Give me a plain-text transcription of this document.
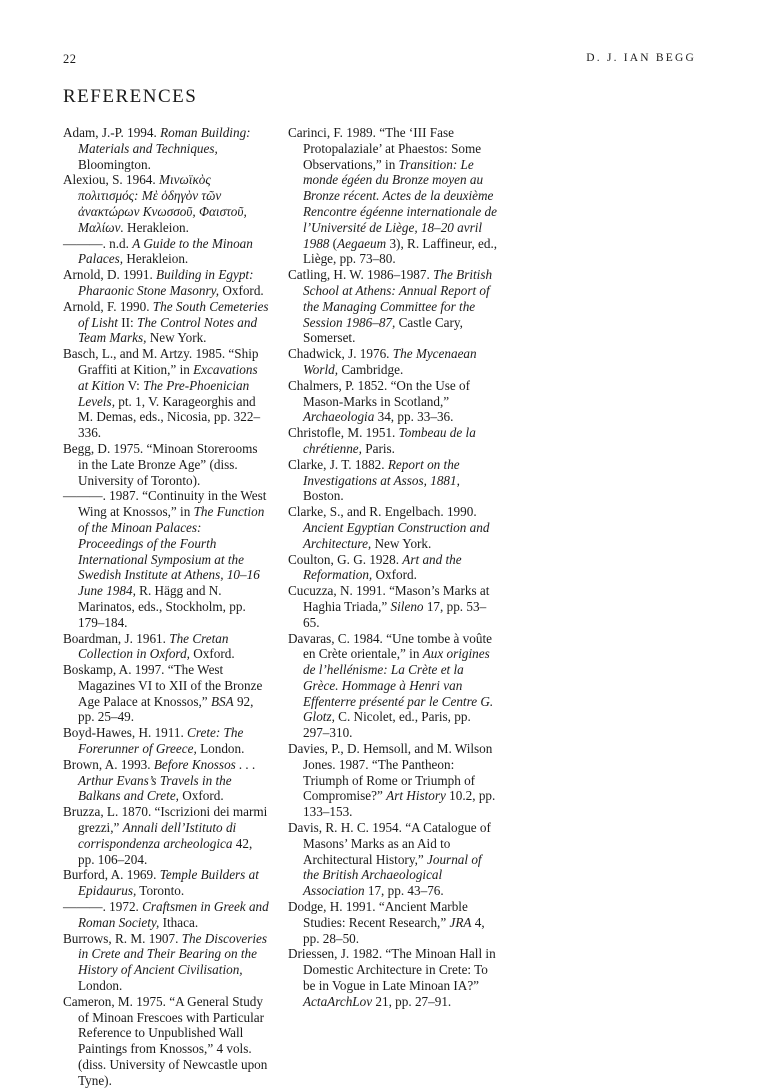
22	D. J. IAN BEGG
REFERENCES

Adam, J.-P. 1994. Roman Building: Materials and Techniques, Bloomington.

Alexiou, S. 1964. Μινωϊκὸς πολιτισμός: Μὲ ὁδηγὸν τῶν ἀνακτώρων Κνωσσοῦ, Φαιστοῦ, Μαλίων. Herakleion.

———. n.d. A Guide to the Minoan Palaces, Herakleion.

Arnold, D. 1991. Building in Egypt: Pharaonic Stone Masonry, Oxford.

Arnold, F. 1990. The South Cemeteries of Lisht II: The Control Notes and Team Marks, New York.

Basch, L., and M. Artzy. 1985. “Ship Graffiti at Kition,” in Excavations at Kition V: The Pre-Phoenician Levels, pt. 1, V. Karageorghis and M. Demas, eds., Nicosia, pp. 322–336.

Begg, D. 1975. “Minoan Storerooms in the Late Bronze Age” (diss. University of Toronto).

———. 1987. “Continuity in the West Wing at Knossos,” in The Function of the Minoan Palaces: Proceedings of the Fourth International Symposium at the Swedish Institute at Athens, 10–16 June 1984, R. Hägg and N. Marinatos, eds., Stockholm, pp. 179–184.

Boardman, J. 1961. The Cretan Collection in Oxford, Oxford.

Boskamp, A. 1997. “The West Magazines VI to XII of the Bronze Age Palace at Knossos,” BSA 92, pp. 25–49.

Boyd-Hawes, H. 1911. Crete: The Forerunner of Greece, London.

Brown, A. 1993. Before Knossos . . . Arthur Evans’s Travels in the Balkans and Crete, Oxford.

Bruzza, L. 1870. “Iscrizioni dei marmi grezzi,” Annali dell’Istituto di corrispondenza archeologica 42, pp. 106–204.

Burford, A. 1969. Temple Builders at Epidaurus, Toronto.

———. 1972. Craftsmen in Greek and Roman Society, Ithaca.

Burrows, R. M. 1907. The Discoveries in Crete and Their Bearing on the History of Ancient Civilisation, London.

Cameron, M. 1975. “A General Study of Minoan Frescoes with Particular Reference to Unpublished Wall Paintings from Knossos,” 4 vols. (diss. University of Newcastle upon Tyne).

Carinci, F. 1989. “The ‘III Fase Protopalaziale’ at Phaestos: Some Observations,” in Transition: Le monde égéen du Bronze moyen au Bronze récent. Actes de la deuxième Rencontre égéenne internationale de l’Université de Liège, 18–20 avril 1988 (Aegaeum 3), R. Laffineur, ed., Liège, pp. 73–80.

Catling, H. W. 1986–1987. The British School at Athens: Annual Report of the Managing Committee for the Session 1986–87, Castle Cary, Somerset.

Chadwick, J. 1976. The Mycenaean World, Cambridge.

Chalmers, P. 1852. “On the Use of Mason-Marks in Scotland,” Archaeologia 34, pp. 33–36.

Christofle, M. 1951. Tombeau de la chrétienne, Paris.

Clarke, J. T. 1882. Report on the Investigations at Assos, 1881, Boston.

Clarke, S., and R. Engelbach. 1990. Ancient Egyptian Construction and Architecture, New York.

Coulton, G. G. 1928. Art and the Reformation, Oxford.

Cucuzza, N. 1991. “Mason’s Marks at Haghia Triada,” Sileno 17, pp. 53–65.

Davaras, C. 1984. “Une tombe à voûte en Crète orientale,” in Aux origines de l’hellénisme: La Crète et la Grèce. Hommage à Henri van Effenterre présenté par le Centre G. Glotz, C. Nicolet, ed., Paris, pp. 297–310.

Davies, P., D. Hemsoll, and M. Wilson Jones. 1987. “The Pantheon: Triumph of Rome or Triumph of Compromise?” Art History 10.2, pp. 133–153.

Davis, R. H. C. 1954. “A Catalogue of Masons’ Marks as an Aid to Architectural History,” Journal of the British Archaeological Association 17, pp. 43–76.

Dodge, H. 1991. “Ancient Marble Studies: Recent Research,” JRA 4, pp. 28–50.

Driessen, J. 1982. “The Minoan Hall in Domestic Architecture in Crete: To be in Vogue in Late Minoan IA?” ActaArchLov 21, pp. 27–91.
